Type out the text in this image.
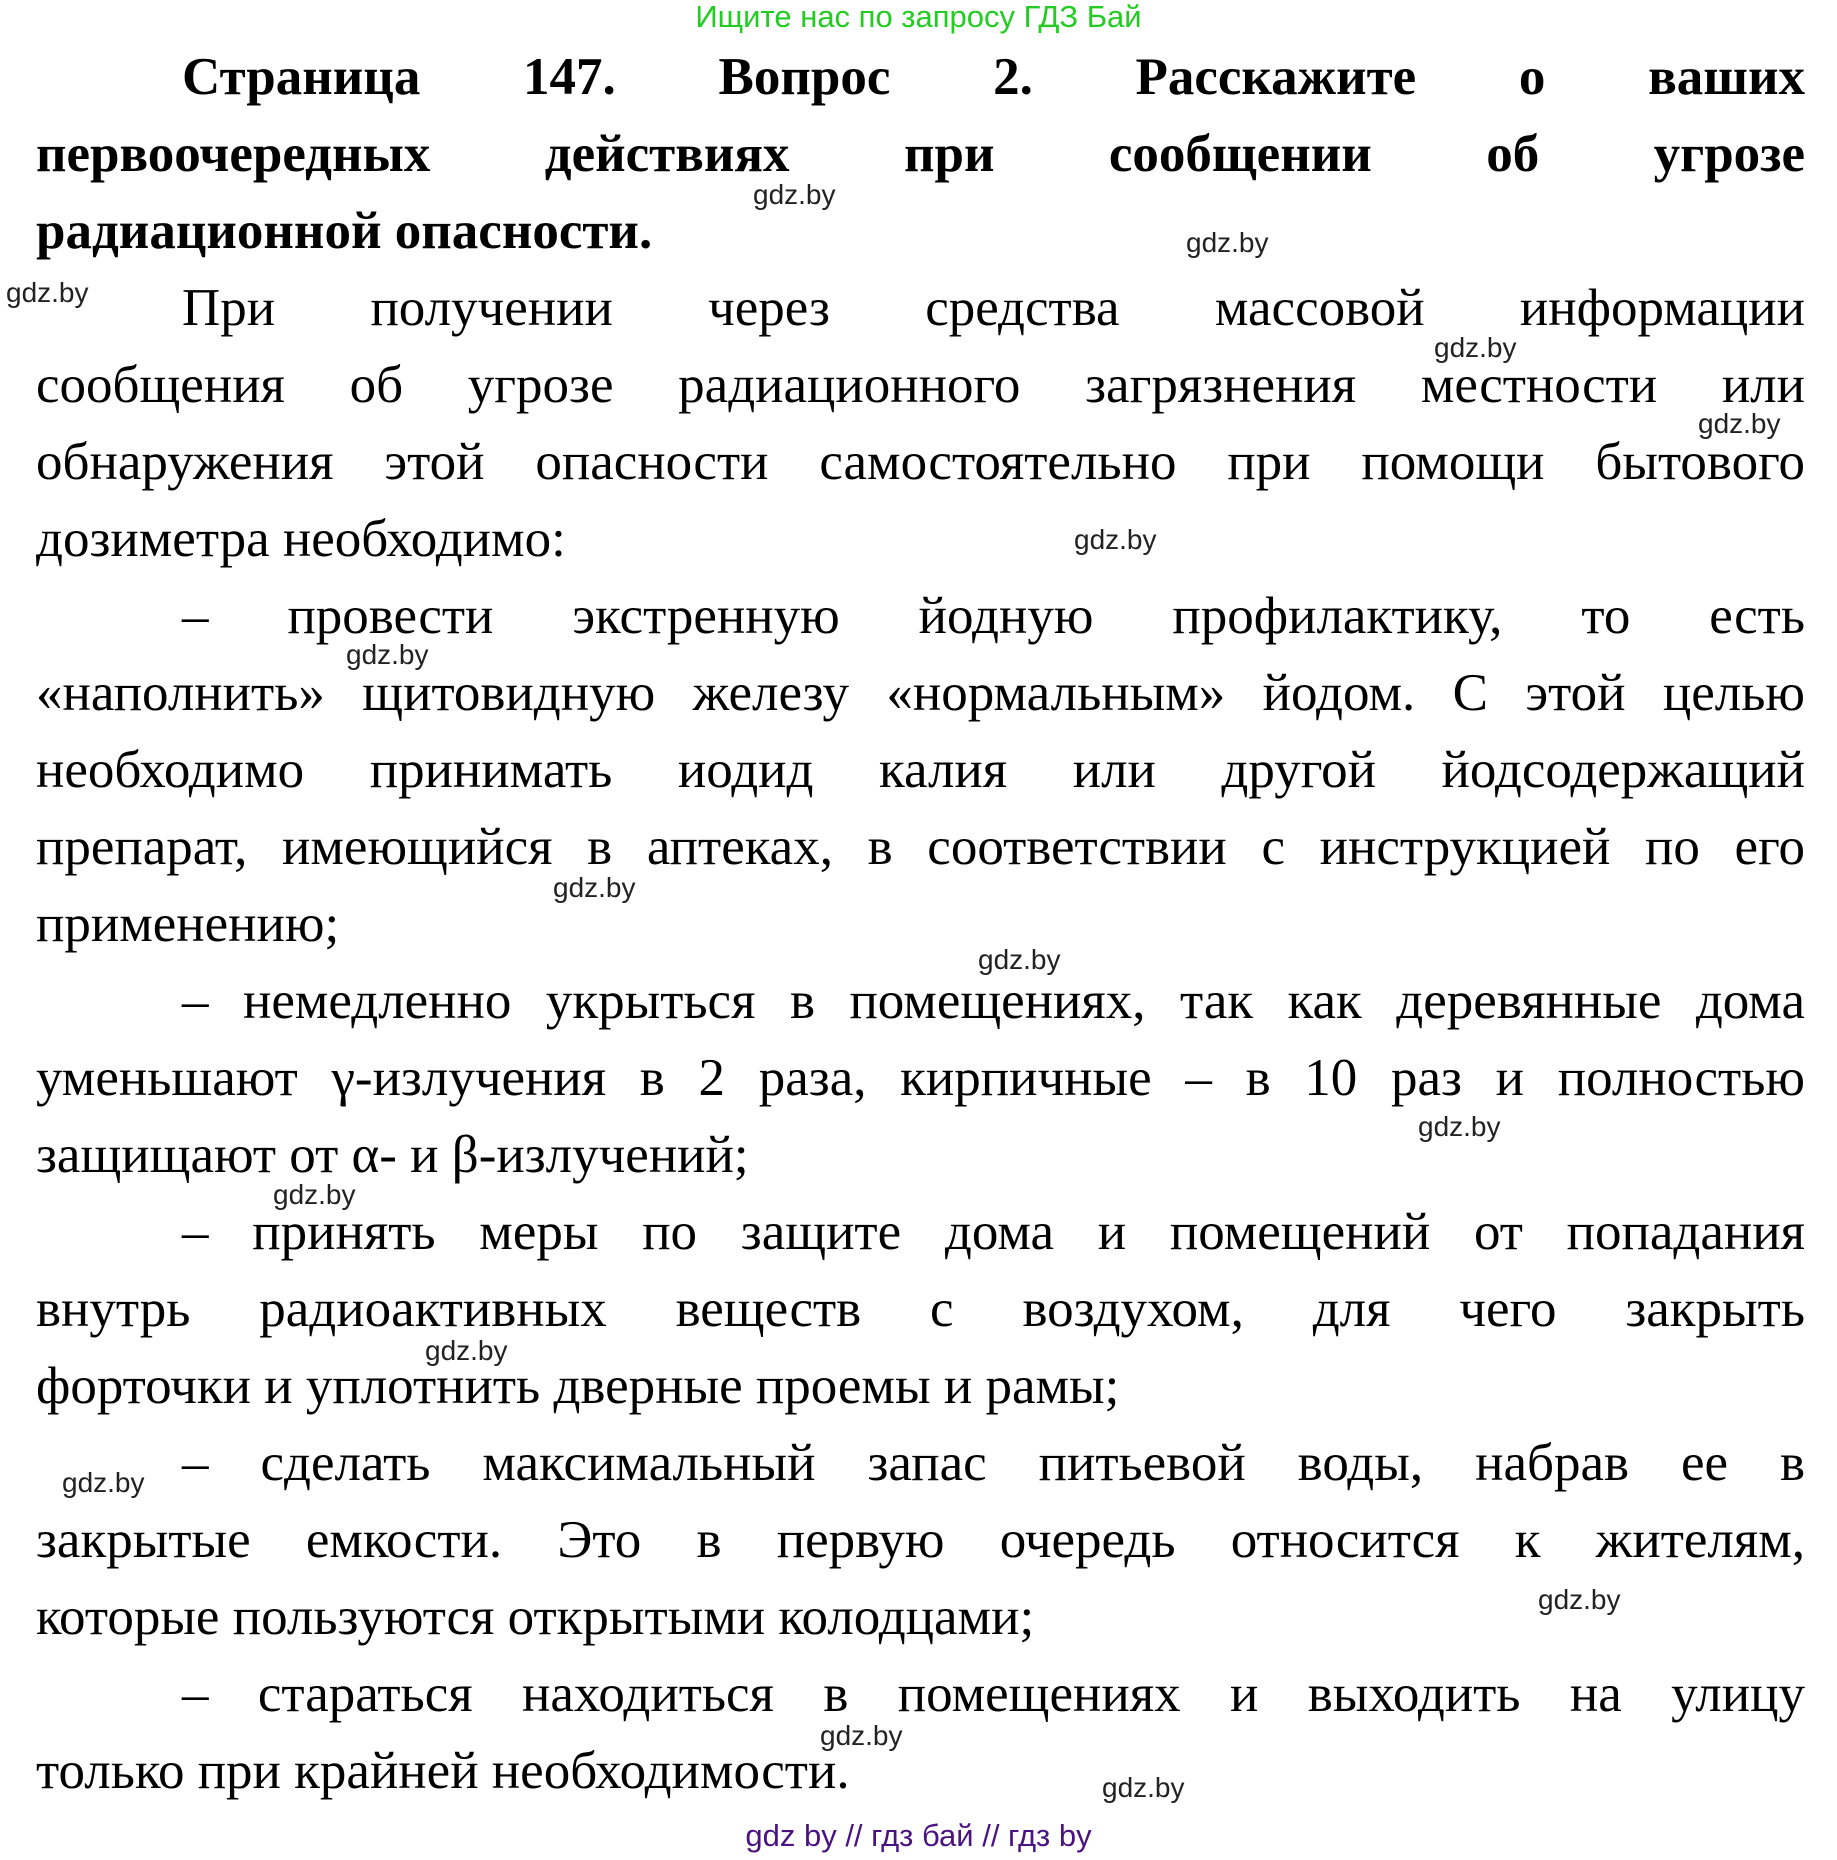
Ищите нас по запросу ГДЗ Бай
Страница 147. Вопрос 2. Расскажите о ваших
первоочередных действиях при сообщении об угрозе
радиационной опасности.
При получении через средства массовой информации
сообщения об угрозе радиационного загрязнения местности или
обнаружения этой опасности самостоятельно при помощи бытового
дозиметра необходимо:
– провести экстренную йодную профилактику, то есть
«наполнить» щитовидную железу «нормальным» йодом. С этой целью
необходимо принимать иодид калия или другой йодсодержащий
препарат, имеющийся в аптеках, в соответствии с инструкцией по его
применению;
– немедленно укрыться в помещениях, так как деревянные дома
уменьшают γ-излучения в 2 раза, кирпичные – в 10 раз и полностью
защищают от α- и β-излучений;
– принять меры по защите дома и помещений от попадания
внутрь радиоактивных веществ с воздухом, для чего закрыть
форточки и уплотнить дверные проемы и рамы;
– сделать максимальный запас питьевой воды, набрав ее в
закрытые емкости. Это в первую очередь относится к жителям,
которые пользуются открытыми колодцами;
– стараться находиться в помещениях и выходить на улицу
только при крайней необходимости.
gdz.by
gdz.by
gdz.by
gdz.by
gdz.by
gdz.by
gdz.by
gdz.by
gdz.by
gdz.by
gdz.by
gdz.by
gdz.by
gdz.by
gdz.by
gdz.by
gdz by // гдз бай // гдз by
